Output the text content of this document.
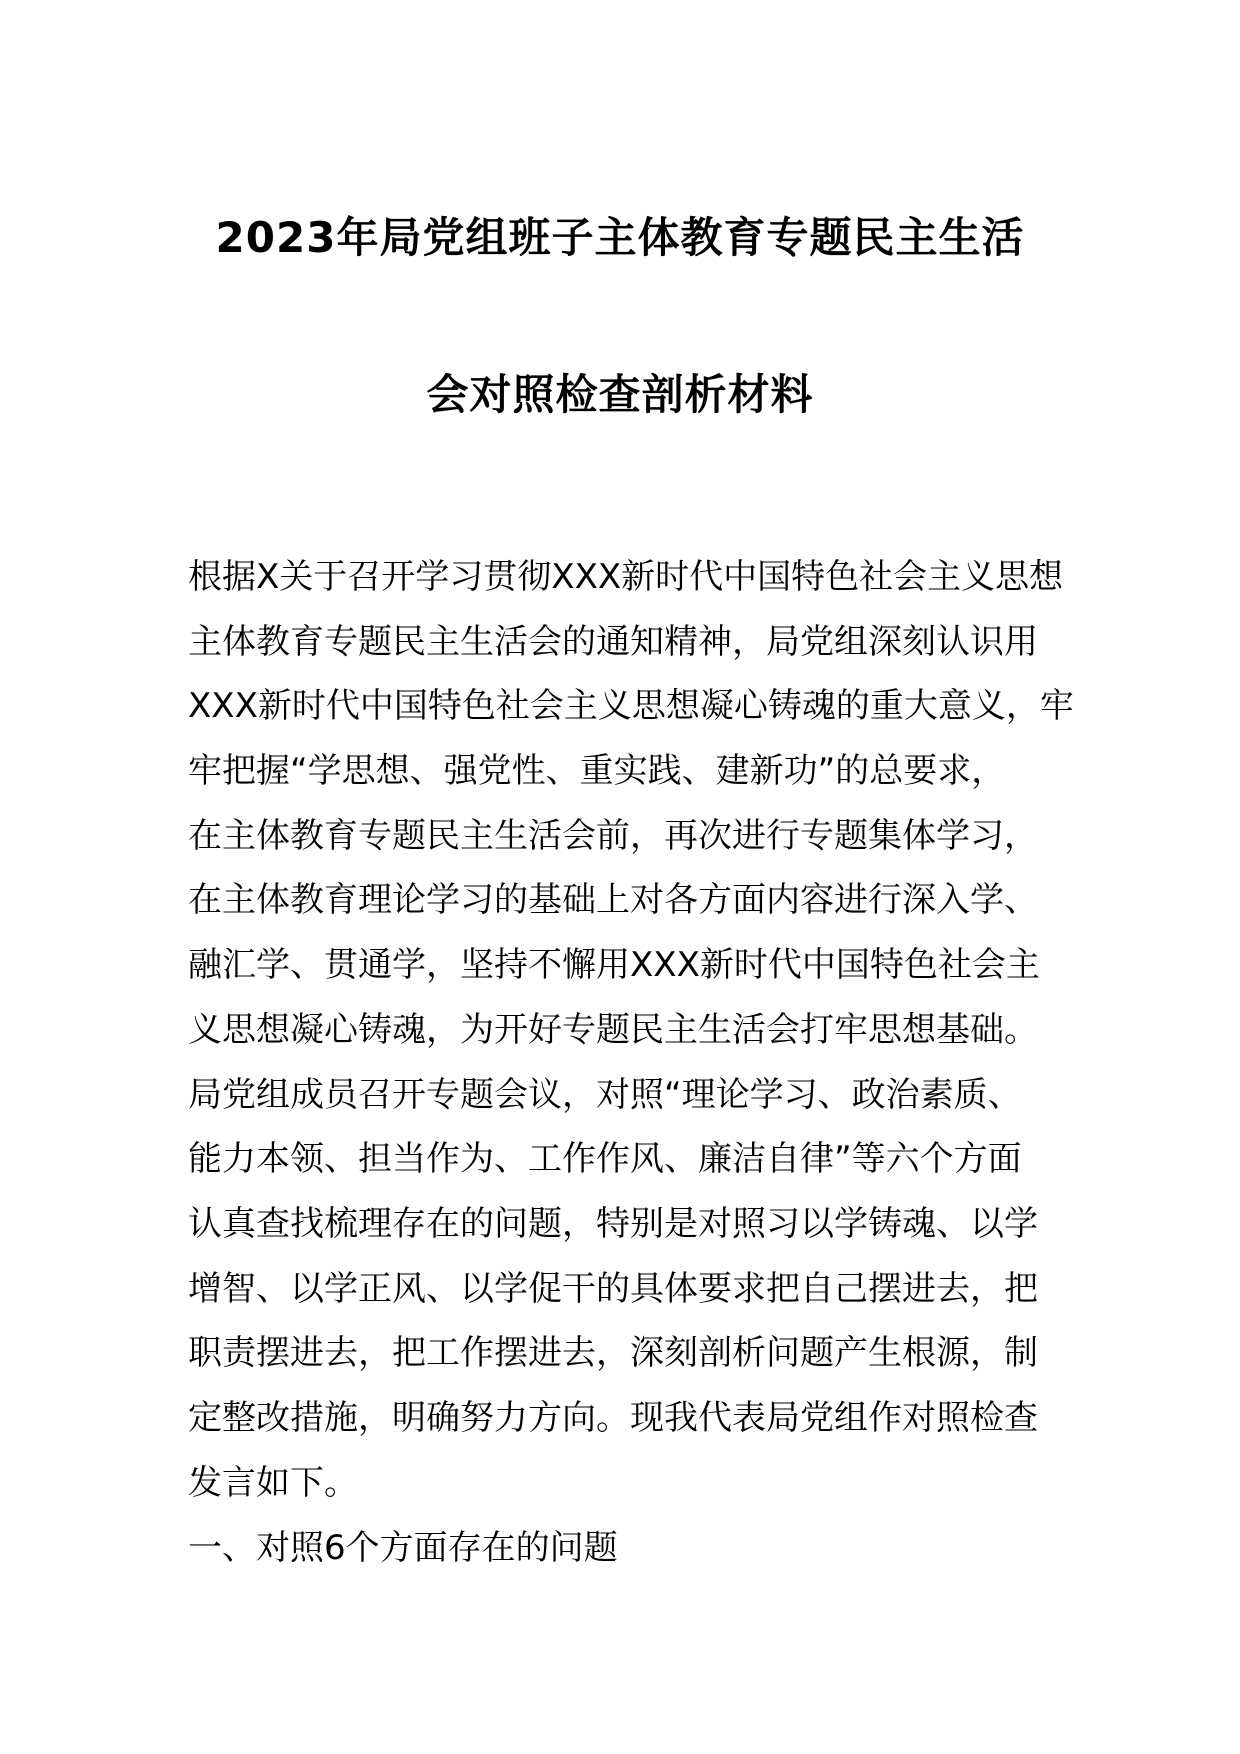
2023年局党组班子主体教育专题民主生活
会对照检查剖析材料
根据X关于召开学习贯彻XXX新时代中国特色社会主义思想
主体教育专题民主生活会的通知精神，局党组深刻认识用
XXX新时代中国特色社会主义思想凝心铸魂的重大意义，牢
牢把握“学思想、强党性、重实践、建新功”的总要求，
在主体教育专题民主生活会前，再次进行专题集体学习，
在主体教育理论学习的基础上对各方面内容进行深入学、
融汇学、贯通学，坚持不懈用XXX新时代中国特色社会主
义思想凝心铸魂，为开好专题民主生活会打牢思想基础。
局党组成员召开专题会议，对照“理论学习、政治素质、
能力本领、担当作为、工作作风、廉洁自律”等六个方面
认真查找梳理存在的问题，特别是对照习以学铸魂、以学
增智、以学正风、以学促干的具体要求把自己摆进去，把
职责摆进去，把工作摆进去，深刻剖析问题产生根源，制
定整改措施，明确努力方向。现我代表局党组作对照检查
发言如下。
一、对照6个方面存在的问题
